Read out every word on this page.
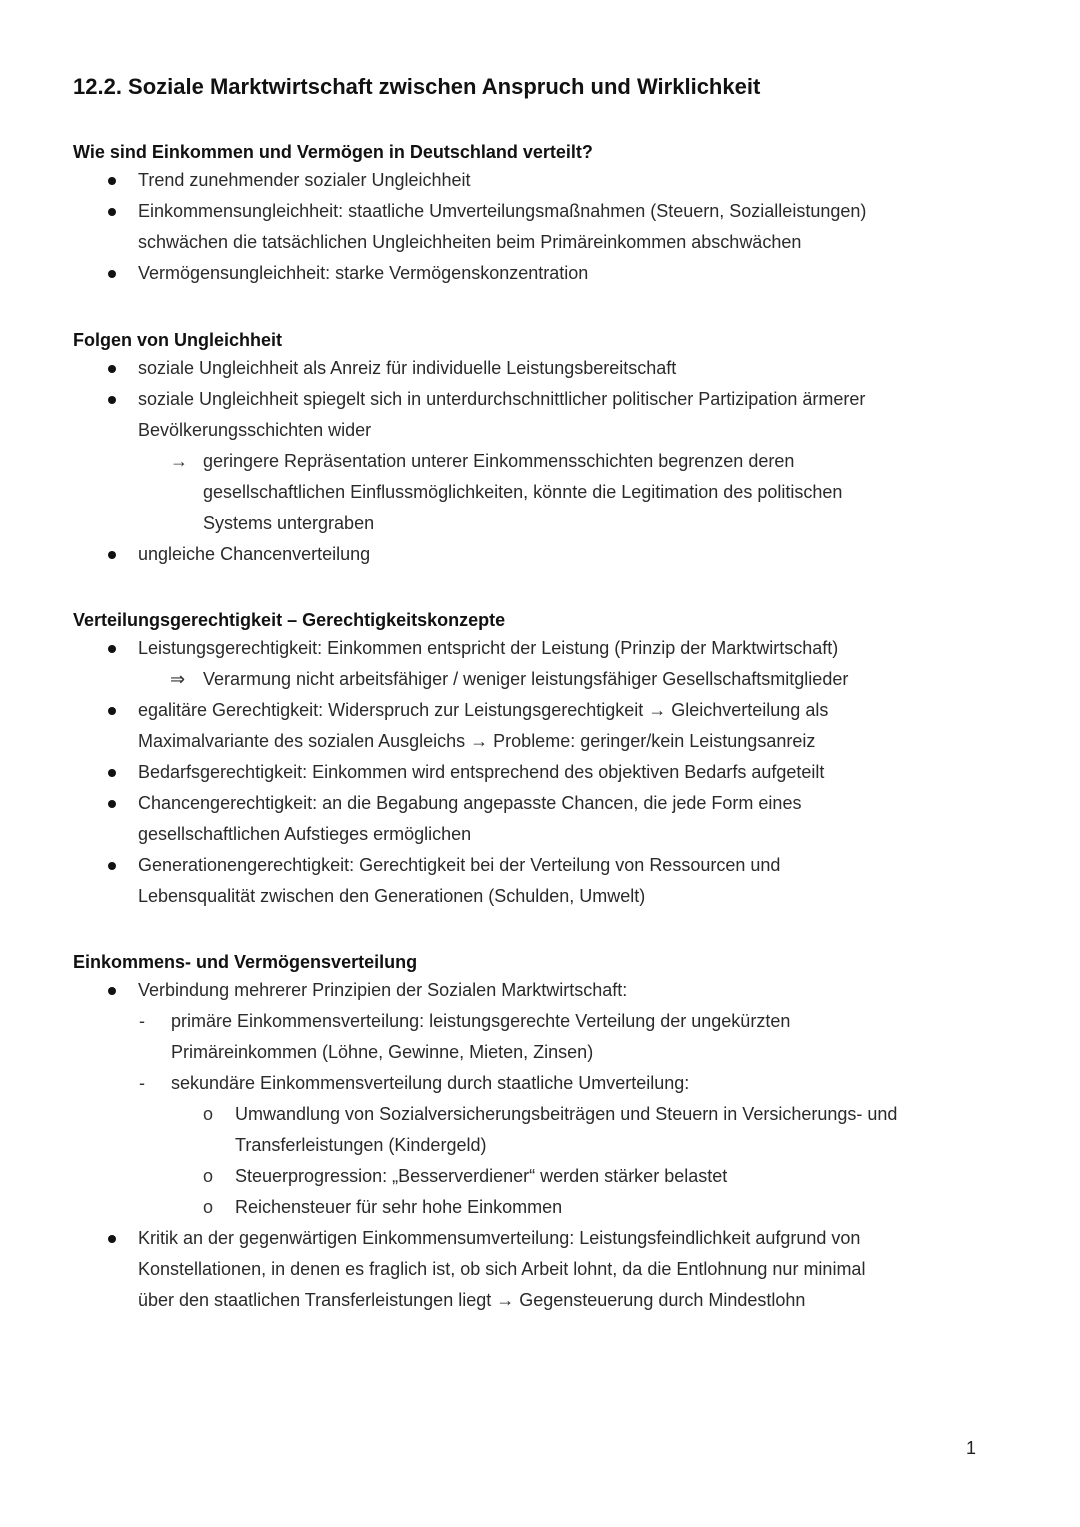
12.2. Soziale Marktwirtschaft zwischen Anspruch und Wirklichkeit

Wie sind Einkommen und Vermögen in Deutschland verteilt?

Trend zunehmender sozialer Ungleichheit
Einkommensungleichheit: staatliche Umverteilungsmaßnahmen (Steuern, Sozialleistungen)
schwächen die tatsächlichen Ungleichheiten beim Primäreinkommen abschwächen
Vermögensungleichheit: starke Vermögenskonzentration

Folgen von Ungleichheit

soziale Ungleichheit als Anreiz für individuelle Leistungsbereitschaft
soziale Ungleichheit spiegelt sich in unterdurchschnittlicher politischer Partizipation ärmerer
Bevölkerungsschichten wider
→ geringere Repräsentation unterer Einkommensschichten begrenzen deren
gesellschaftlichen Einflussmöglichkeiten, könnte die Legitimation des politischen
Systems untergraben
ungleiche Chancenverteilung

Verteilungsgerechtigkeit – Gerechtigkeitskonzepte

Leistungsgerechtigkeit: Einkommen entspricht der Leistung (Prinzip der Marktwirtschaft)
⇒ Verarmung nicht arbeitsfähiger / weniger leistungsfähiger Gesellschaftsmitglieder
egalitäre Gerechtigkeit: Widerspruch zur Leistungsgerechtigkeit → Gleichverteilung als
Maximalvariante des sozialen Ausgleichs → Probleme: geringer/kein Leistungsanreiz
Bedarfsgerechtigkeit: Einkommen wird entsprechend des objektiven Bedarfs aufgeteilt
Chancengerechtigkeit: an die Begabung angepasste Chancen, die jede Form eines
gesellschaftlichen Aufstieges ermöglichen
Generationengerechtigkeit: Gerechtigkeit bei der Verteilung von Ressourcen und
Lebensqualität zwischen den Generationen (Schulden, Umwelt)

Einkommens- und Vermögensverteilung

Verbindung mehrerer Prinzipien der Sozialen Marktwirtschaft:
- primäre Einkommensverteilung: leistungsgerechte Verteilung der ungekürzten
Primäreinkommen (Löhne, Gewinne, Mieten, Zinsen)
- sekundäre Einkommensverteilung durch staatliche Umverteilung:
o Umwandlung von Sozialversicherungsbeiträgen und Steuern in Versicherungs- und
Transferleistungen (Kindergeld)
o Steuerprogression: „Besserverdiener“ werden stärker belastet
o Reichensteuer für sehr hohe Einkommen
Kritik an der gegenwärtigen Einkommensumverteilung: Leistungsfeindlichkeit aufgrund von
Konstellationen, in denen es fraglich ist, ob sich Arbeit lohnt, da die Entlohnung nur minimal
über den staatlichen Transferleistungen liegt → Gegensteuerung durch Mindestlohn
1
